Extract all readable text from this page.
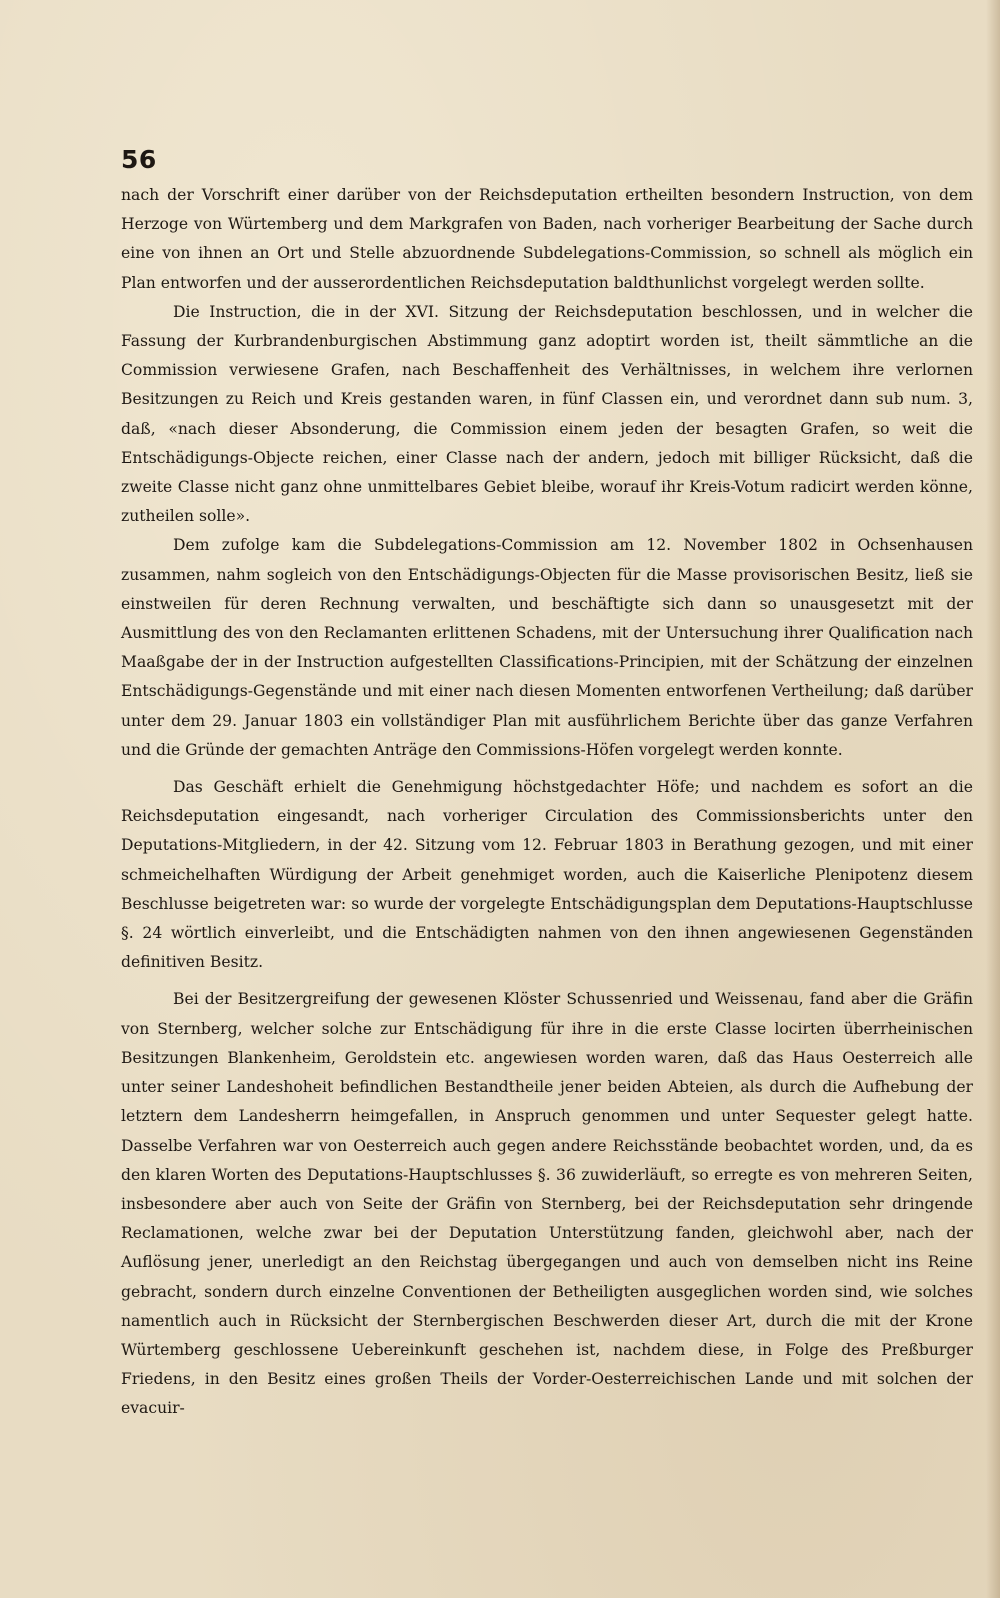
56

nach der Vorschrift einer darüber von der Reichsdeputation ertheilten besondern Instruction, von dem Herzoge von Würtemberg und dem Markgrafen von Baden, nach vorheriger Bearbeitung der Sache durch eine von ihnen an Ort und Stelle abzuordnende Subdelegations-Commission, so schnell als möglich ein Plan entworfen und der ausserordentlichen Reichsdeputation baldthunlichst vorgelegt werden sollte.

Die Instruction, die in der XVI. Sitzung der Reichsdeputation beschlossen, und in welcher die Fassung der Kurbrandenburgischen Abstimmung ganz adoptirt worden ist, theilt sämmtliche an die Commission verwiesene Grafen, nach Beschaffenheit des Verhältnisses, in welchem ihre verlornen Besitzungen zu Reich und Kreis gestanden waren, in fünf Classen ein, und verordnet dann sub num. 3, daß, «nach dieser Absonderung, die Commission einem jeden der besagten Grafen, so weit die Entschädigungs-Objecte reichen, einer Classe nach der andern, jedoch mit billiger Rücksicht, daß die zweite Classe nicht ganz ohne unmittelbares Gebiet bleibe, worauf ihr Kreis-Votum radicirt werden könne, zutheilen solle».

Dem zufolge kam die Subdelegations-Commission am 12. November 1802 in Ochsenhausen zusammen, nahm sogleich von den Entschädigungs-Objecten für die Masse provisorischen Besitz, ließ sie einstweilen für deren Rechnung verwalten, und beschäftigte sich dann so unausgesetzt mit der Ausmittlung des von den Reclamanten erlittenen Schadens, mit der Untersuchung ihrer Qualification nach Maaßgabe der in der Instruction aufgestellten Classifications-Principien, mit der Schätzung der einzelnen Entschädigungs-Gegenstände und mit einer nach diesen Momenten entworfenen Vertheilung; daß darüber unter dem 29. Januar 1803 ein vollständiger Plan mit ausführlichem Berichte über das ganze Verfahren und die Gründe der gemachten Anträge den Commissions-Höfen vorgelegt werden konnte.

Das Geschäft erhielt die Genehmigung höchstgedachter Höfe; und nachdem es sofort an die Reichsdeputation eingesandt, nach vorheriger Circulation des Commissionsberichts unter den Deputations-Mitgliedern, in der 42. Sitzung vom 12. Februar 1803 in Berathung gezogen, und mit einer schmeichelhaften Würdigung der Arbeit genehmiget worden, auch die Kaiserliche Plenipotenz diesem Beschlusse beigetreten war: so wurde der vorgelegte Entschädigungsplan dem Deputations-Hauptschlusse §. 24 wörtlich einverleibt, und die Entschädigten nahmen von den ihnen angewiesenen Gegenständen definitiven Besitz.

Bei der Besitzergreifung der gewesenen Klöster Schussenried und Weissenau, fand aber die Gräfin von Sternberg, welcher solche zur Entschädigung für ihre in die erste Classe locirten überrheinischen Besitzungen Blankenheim, Geroldstein etc. angewiesen worden waren, daß das Haus Oesterreich alle unter seiner Landeshoheit befindlichen Bestandtheile jener beiden Abteien, als durch die Aufhebung der letztern dem Landesherrn heimgefallen, in Anspruch genommen und unter Sequester gelegt hatte. Dasselbe Verfahren war von Oesterreich auch gegen andere Reichsstände beobachtet worden, und, da es den klaren Worten des Deputations-Hauptschlusses §. 36 zuwiderläuft, so erregte es von mehreren Seiten, insbesondere aber auch von Seite der Gräfin von Sternberg, bei der Reichsdeputation sehr dringende Reclamationen, welche zwar bei der Deputation Unterstützung fanden, gleichwohl aber, nach der Auflösung jener, unerledigt an den Reichstag übergegangen und auch von demselben nicht ins Reine gebracht, sondern durch einzelne Conventionen der Betheiligten ausgeglichen worden sind, wie solches namentlich auch in Rücksicht der Sternbergischen Beschwerden dieser Art, durch die mit der Krone Würtemberg geschlossene Uebereinkunft geschehen ist, nachdem diese, in Folge des Preßburger Friedens, in den Besitz eines großen Theils der Vorder-Oesterreichischen Lande und mit solchen der evacuir-
